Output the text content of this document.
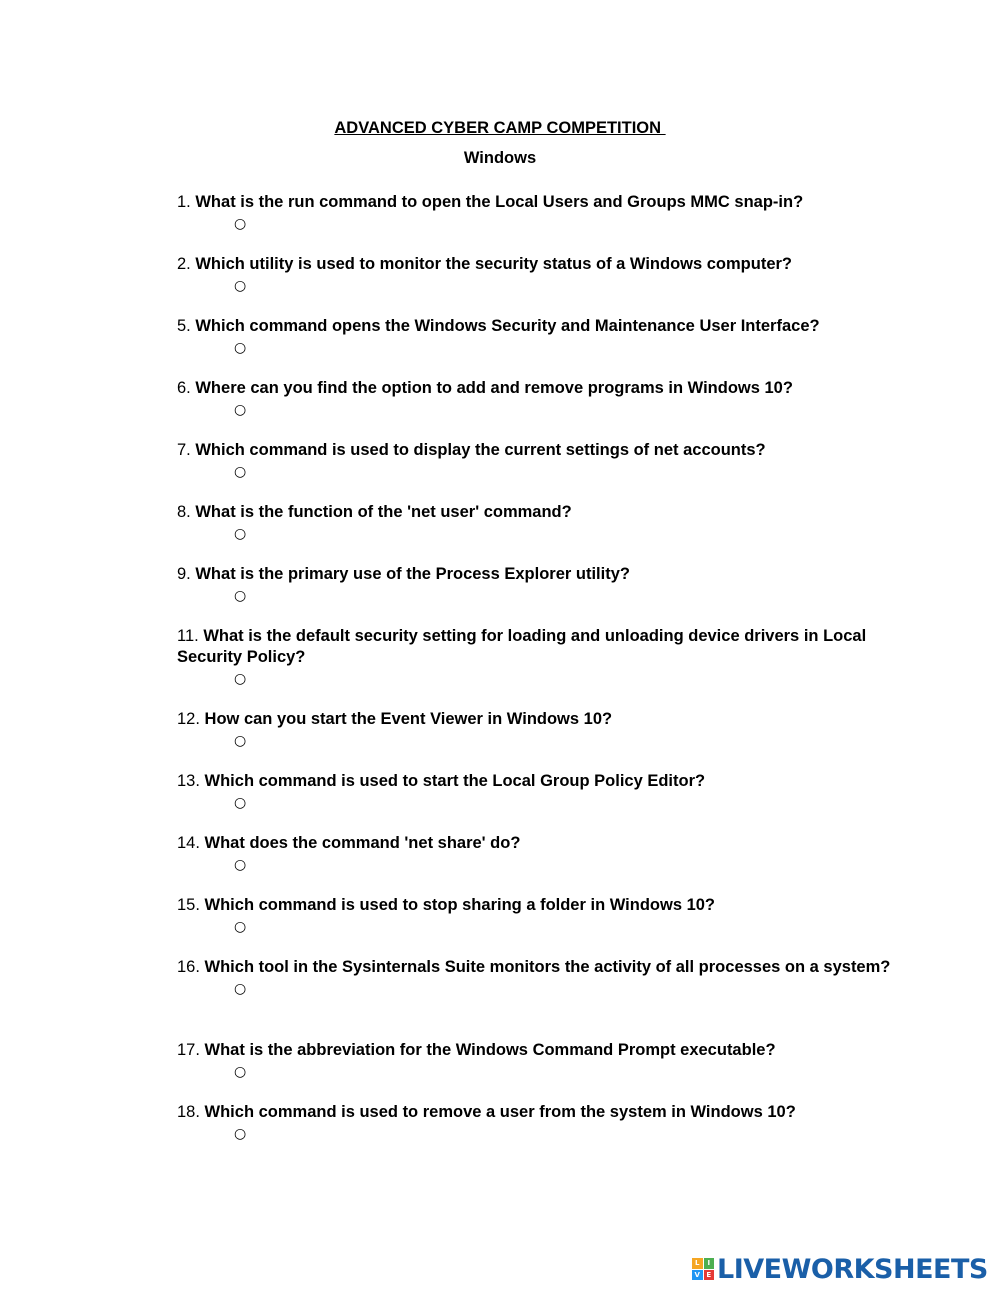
ADVANCED CYBER CAMP COMPETITION
Windows
1. What is the run command to open the Local Users and Groups MMC snap-in?
○
2. Which utility is used to monitor the security status of a Windows computer?
○
5. Which command opens the Windows Security and Maintenance User Interface?
○
6. Where can you find the option to add and remove programs in Windows 10?
○
7. Which command is used to display the current settings of net accounts?
○
8. What is the function of the 'net user' command?
○
9. What is the primary use of the Process Explorer utility?
○
11. What is the default security setting for loading and unloading device drivers in Local Security Policy?
○
12. How can you start the Event Viewer in Windows 10?
○
13. Which command is used to start the Local Group Policy Editor?
○
14. What does the command 'net share' do?
○
15. Which command is used to stop sharing a folder in Windows 10?
○
16. Which tool in the Sysinternals Suite monitors the activity of all processes on a system?
○
17. What is the abbreviation for the Windows Command Prompt executable?
○
18. Which command is used to remove a user from the system in Windows 10?
○
L	I
V E LIVEWORKSHEETS
